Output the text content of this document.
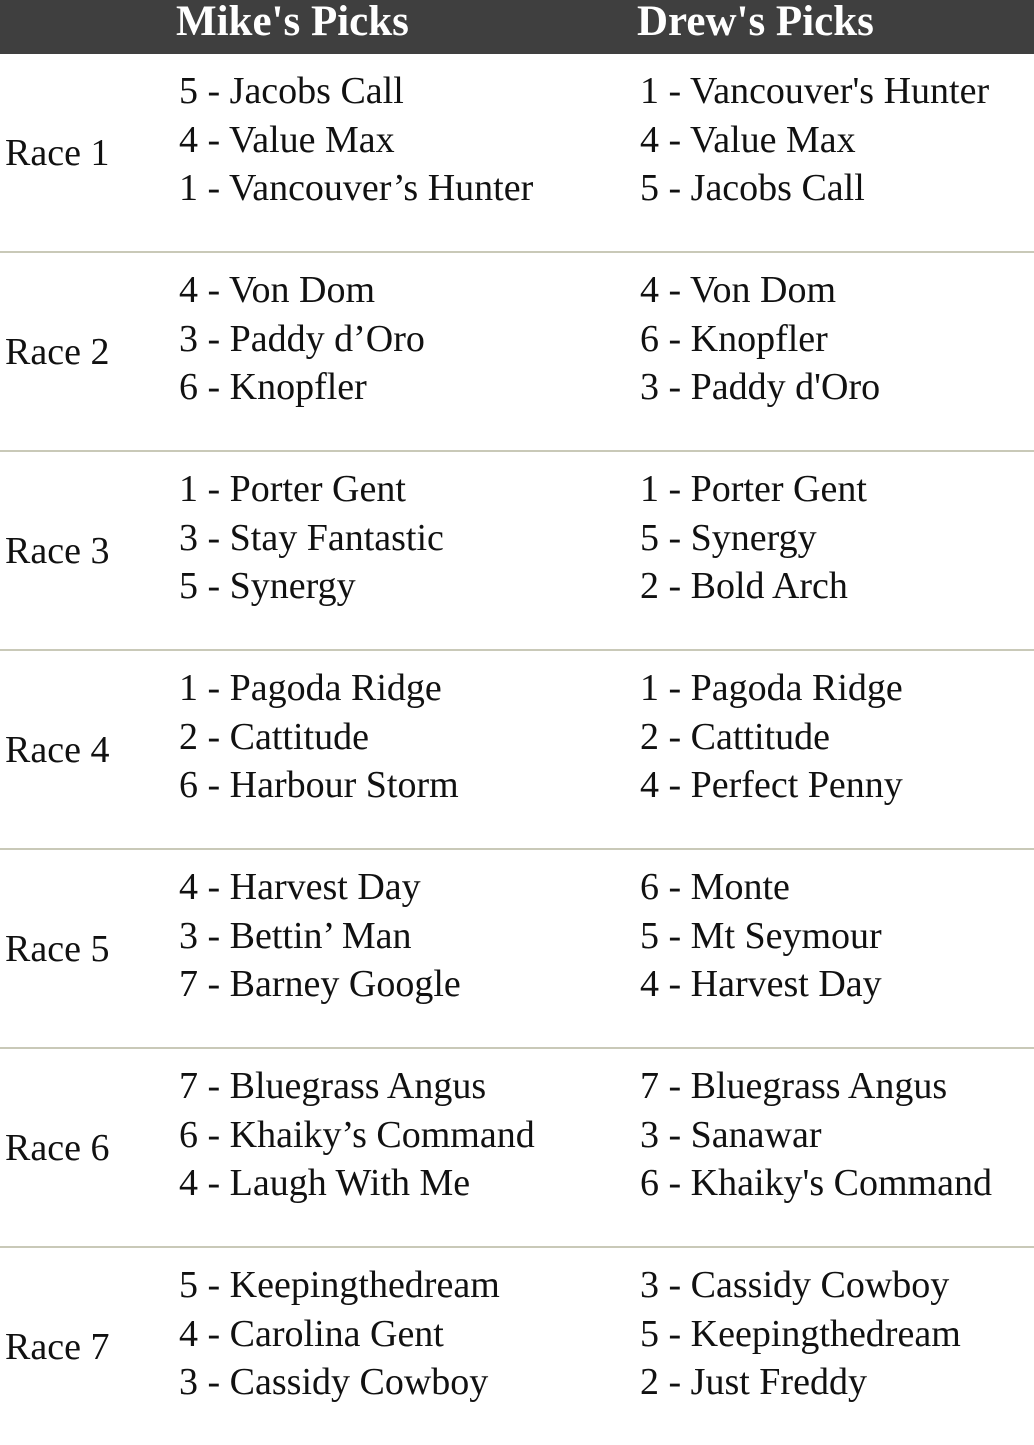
Mike's Picks	Drew's Picks
Race 1
5 - Jacobs Call
4 - Value Max
1 - Vancouver’s Hunter
1 - Vancouver's Hunter
4 - Value Max
5 - Jacobs Call
Race 2
4 - Von Dom
3 - Paddy d’Oro
6 - Knopfler
4 - Von Dom
6 - Knopfler
3 - Paddy d'Oro
Race 3
1 - Porter Gent
3 - Stay Fantastic
5 - Synergy
1 - Porter Gent
5 - Synergy
2 - Bold Arch
Race 4
1 - Pagoda Ridge
2 - Cattitude
6 - Harbour Storm
1 - Pagoda Ridge
2 - Cattitude
4 - Perfect Penny
Race 5
4 - Harvest Day
3 - Bettin’ Man
7 - Barney Google
6 - Monte
5 - Mt Seymour
4 - Harvest Day
Race 6
7 - Bluegrass Angus
6 - Khaiky’s Command
4 - Laugh With Me
7 - Bluegrass Angus
3 - Sanawar
6 - Khaiky's Command
Race 7
5 - Keepingthedream
4 - Carolina Gent
3 - Cassidy Cowboy
3 - Cassidy Cowboy
5 - Keepingthedream
2 - Just Freddy
